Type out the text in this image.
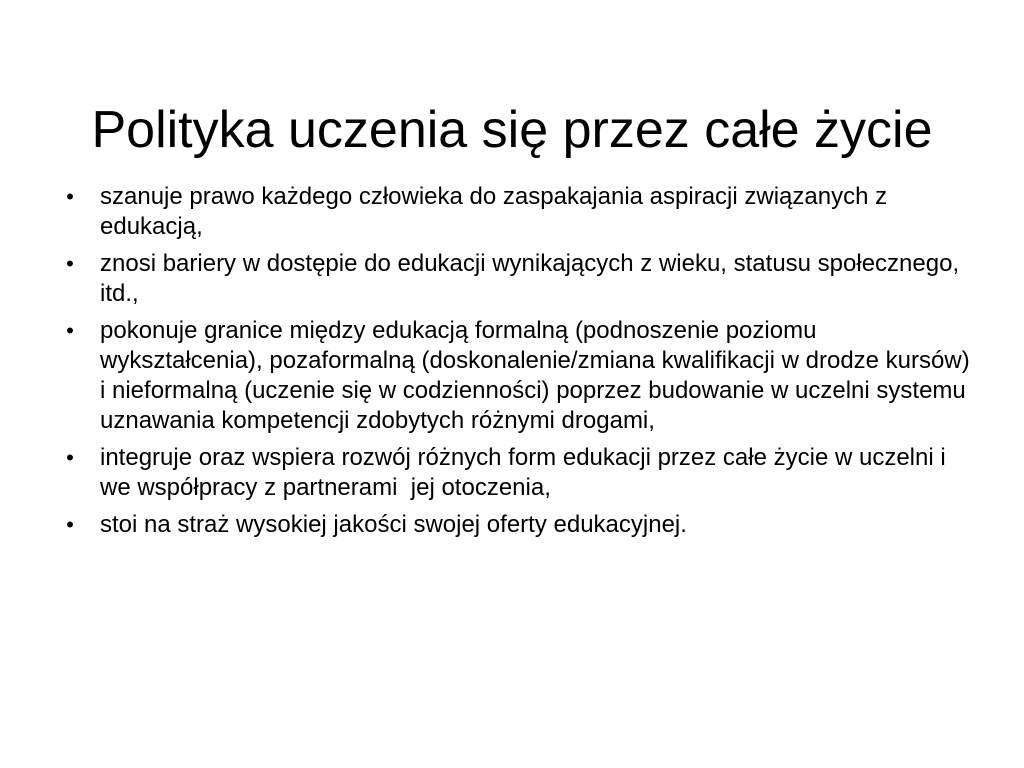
Polityka uczenia się przez całe życie
• szanuje prawo każdego człowieka do zaspakajania aspiracji związanych z edukacją,
• znosi bariery w dostępie do edukacji wynikających z wieku, statusu społecznego, itd.,
• pokonuje granice między edukacją formalną (podnoszenie poziomu wykształcenia), pozaformalną (doskonalenie/zmiana kwalifikacji w drodze kursów) i nieformalną (uczenie się w codzienności) poprzez budowanie w uczelni systemu uznawania kompetencji zdobytych różnymi drogami,
• integruje oraz wspiera rozwój różnych form edukacji przez całe życie w uczelni i we współpracy z partnerami  jej otoczenia,
• stoi na straż wysokiej jakości swojej oferty edukacyjnej.
